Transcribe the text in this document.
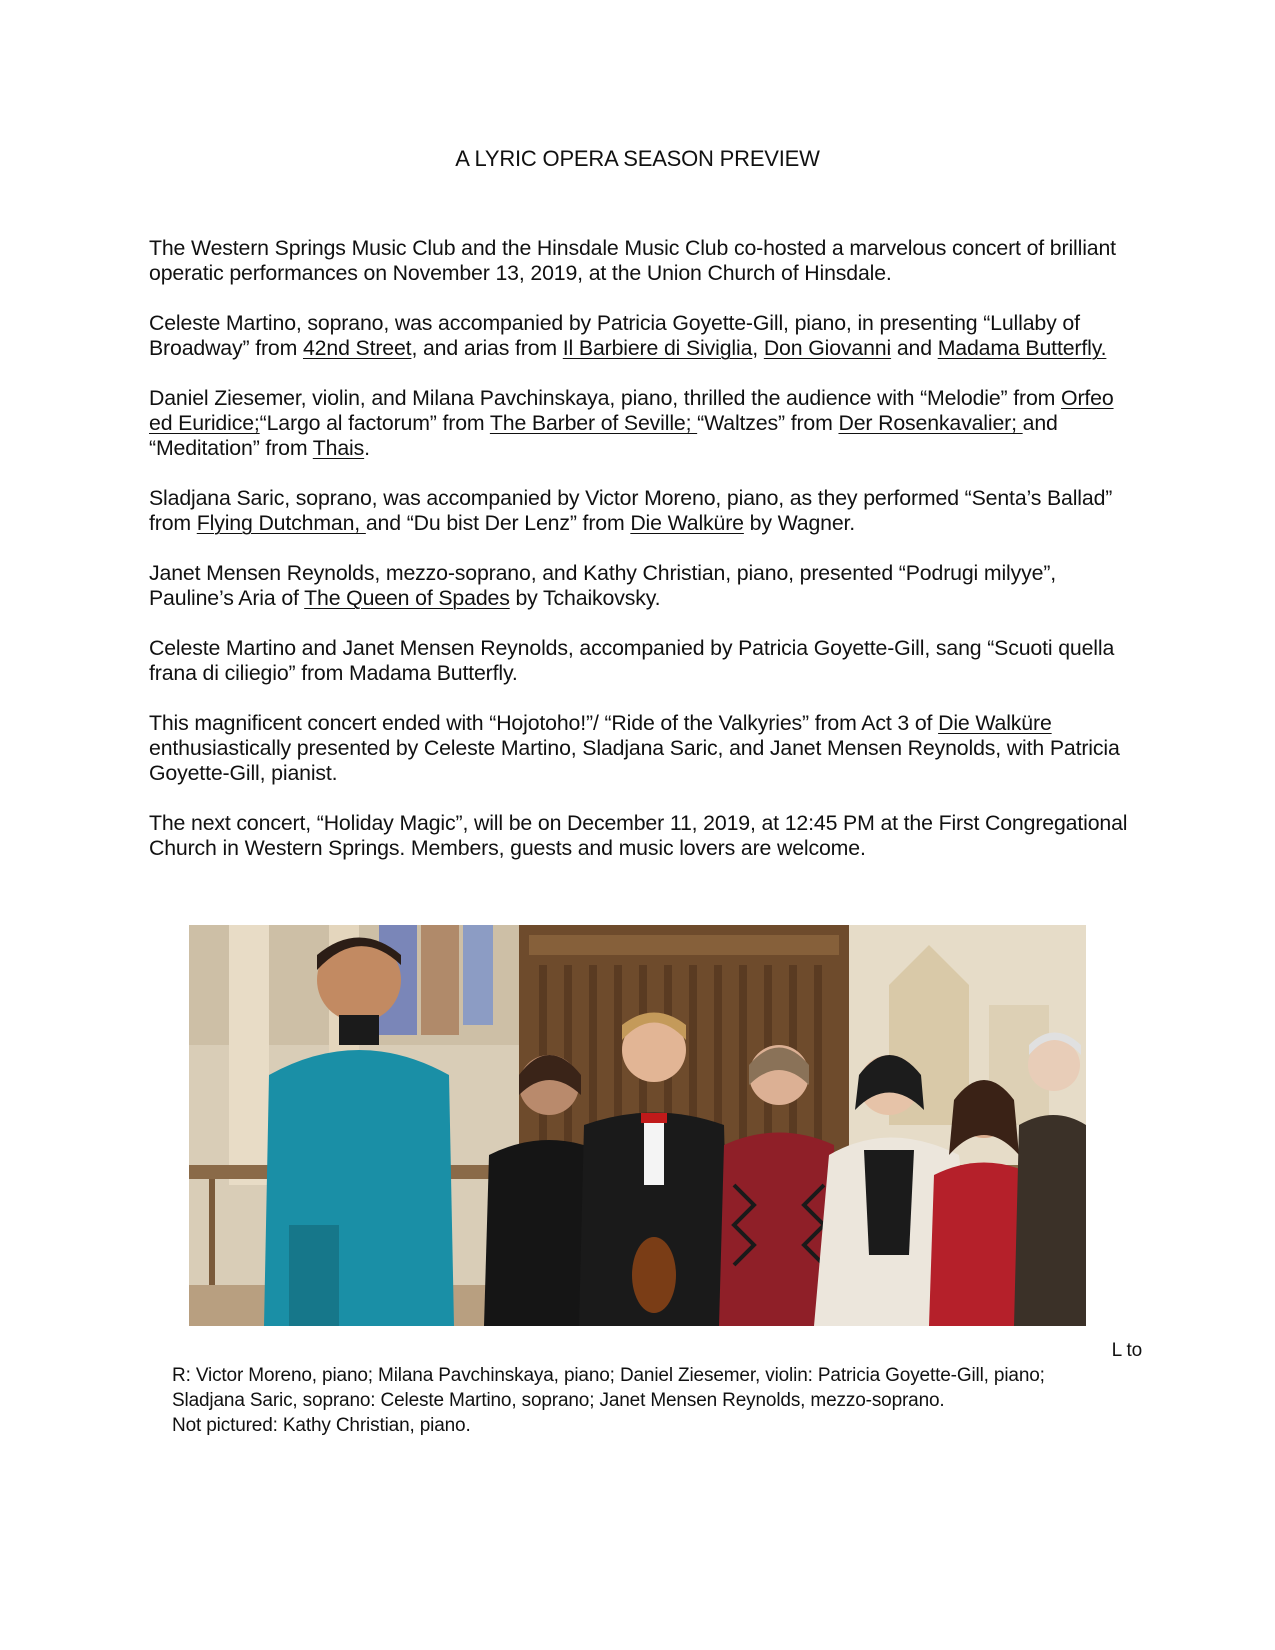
A LYRIC OPERA SEASON PREVIEW

The Western Springs Music Club and the Hinsdale Music Club co-hosted a marvelous concert of brilliant operatic performances on November 13, 2019, at the Union Church of Hinsdale.

Celeste Martino, soprano, was accompanied by Patricia Goyette-Gill, piano, in presenting “Lullaby of Broadway” from 42nd Street, and arias from Il Barbiere di Siviglia, Don Giovanni and Madama Butterfly.

Daniel Ziesemer, violin, and Milana Pavchinskaya, piano, thrilled the audience with “Melodie” from Orfeo ed Euridice;“Largo al factorum” from The Barber of Seville; “Waltzes” from Der Rosenkavalier; and “Meditation” from Thais.

Sladjana Saric, soprano, was accompanied by Victor Moreno, piano, as they performed “Senta’s Ballad” from Flying Dutchman, and “Du bist Der Lenz” from Die Walküre by Wagner.

Janet Mensen Reynolds, mezzo-soprano, and Kathy Christian, piano, presented “Podrugi milyye”, Pauline’s Aria of The Queen of Spades by Tchaikovsky.

Celeste Martino and Janet Mensen Reynolds, accompanied by Patricia Goyette-Gill, sang “Scuoti quella frana di ciliegio” from Madama Butterfly.

This magnificent concert ended with “Hojotoho!”/ “Ride of the Valkyries” from Act 3 of Die Walküre enthusiastically presented by Celeste Martino, Sladjana Saric, and Janet Mensen Reynolds, with Patricia Goyette-Gill, pianist.

The next concert, “Holiday Magic”, will be on December 11, 2019, at 12:45 PM at the First Congregational Church in Western Springs. Members, guests and music lovers are welcome.

L to
R: Victor Moreno, piano; Milana Pavchinskaya, piano; Daniel Ziesemer, violin: Patricia Goyette-Gill, piano;
Sladjana Saric, soprano: Celeste Martino, soprano; Janet Mensen Reynolds, mezzo-soprano.
Not pictured: Kathy Christian, piano.
